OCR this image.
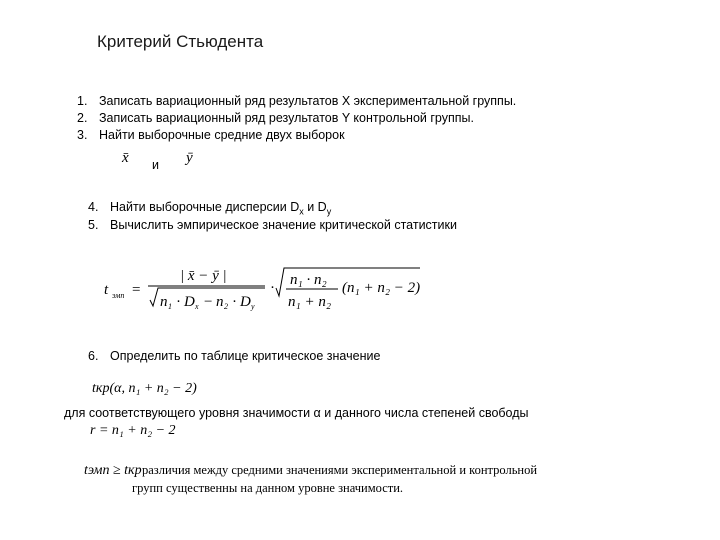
Критерий Стьюдента
1. Записать вариационный ряд результатов X экспериментальной группы.
2. Записать вариационный ряд результатов Y контрольной группы.
3. Найти выборочные средние двух выборок
x̄ и ȳ
4. Найти выборочные дисперсии $D_x$ и $D_y$
5. Вычислить эмпирическое значение критической статистики
t эмп =
| x̄ − ȳ |
n 1 · D x − n 2 · D y
· n₁ · n₂
n₁ + n₂
(n₁ + n₂ − 2)
6. Определить по таблице критическое значение
tкр(α, n₁ + n₂ − 2)
для соответствующего уровня значимости α и данного числа степеней свободы
r = n₁ + n₂ − 2
tэмп ≥ tкр различия между средними значениями экспериментальной и контрольной
групп существенны на данном уровне значимости.
